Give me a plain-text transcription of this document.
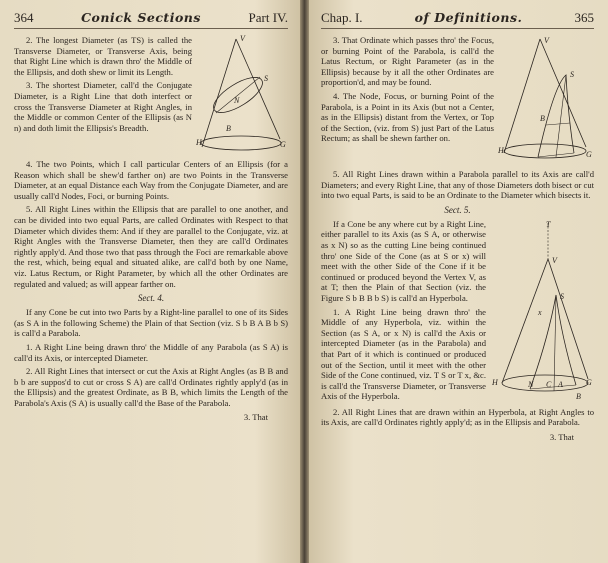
364	Conick Sections	Part IV.
V
S
N
B
H	G

2. The longest Diameter (as TS) is called the Transverse Diameter, or Transverse Axis, being that Right Line which is drawn thro' the Middle of the Ellipsis, and doth shew or limit its Length.

3. The shortest Diameter, call'd the Conjugate Diameter, is a Right Line that doth interfect or cross the Transverse Diameter at Right Angles, in the Middle or common Center of the Ellipsis (as N n) and doth limit the Ellipsis's Breadth.

4. The two Points, which I call particular Centers of an Ellipsis (for a Reason which shall be shew'd farther on) are two Points in the Transverse Diameter, at an equal Distance each Way from the Conjugate Diameter, and are usually call'd Nodes, Foci, or burning Points.

5. All Right Lines within the Ellipsis that are parallel to one another, and can be divided into two equal Parts, are called Ordinates with Respect to that Diameter which divides them: And if they are parallel to the Conjugate, viz. at Right Angles with the Transverse Diameter, then they are call'd Ordinates rightly apply'd. And those two that pass through the Foci are remarkable above the rest, which, being equal and situated alike, are call'd both by one Name, viz. Latus Rectum, or Right Parameter, by which all the other Ordinates are regulated and valued; as will appear farther on.

Sect. 4.

If any Cone be cut into two Parts by a Right-line parallel to one of its Sides (as S A in the following Scheme) the Plain of that Section (viz. S b B A B b S) is call'd a Parabola.

1. A Right Line being drawn thro' the Middle of any Parabola (as S A) is call'd its Axis, or intercepted Diameter.

2. All Right Lines that intersect or cut the Axis at Right Angles (as B B and b b are suppos'd to cut or cross S A) are call'd Ordinates rightly apply'd (as in the Ellipsis) and the greatest Ordinate, as B B, which limits the Length of the Parabola's Axis (S A) is usually call'd the Base of the Parabola.

3. That
Chap. I.	of Definitions.	365
V
S
B
H	G

3. That Ordinate which passes thro' the Focus, or burning Point of the Parabola, is call'd the Latus Rectum, or Right Parameter (as in the Ellipsis) because by it all the other Ordinates are proportion'd, and may be found.

4. The Node, Focus, or burning Point of the Parabola, is a Point in its Axis (but not a Center, as in the Ellipsis) distant from the Vertex, or Top of the Section, (viz. from S) just Part of the Latus Rectum; as shall be shewn farther on.

5. All Right Lines drawn within a Parabola parallel to its Axis are call'd Diameters; and every Right Line, that any of those Diameters doth bisect or cut into two equal Parts, is said to be an Ordinate to the Diameter which bisects it.

Sect. 5.
T
V
S
x
H	N C A
B
G

If a Cone be any where cut by a Right Line, either parallel to its Axis (as S A, or otherwise as x N) so as the cutting Line being continued thro' one Side of the Cone (as at S or x) will meet with the other Side of the Cone if it be continued or produced beyond the Vertex V, as at T; then the Plain of that Section (viz. the Figure S b B B b S) is call'd an Hyperbola.

1. A Right Line being drawn thro' the Middle of any Hyperbola, viz. within the Section (as S A, or x N) is call'd the Axis or intercepted Diameter (as in the Parabola) and that Part of it which is continued or produced out of the Section, until it meet with the other Side of the Cone continued, viz. T S or T x, &c. is call'd the Transverse Diameter, or Transverse Axis of the Hyperbola.

2. All Right Lines that are drawn within an Hyperbola, at Right Angles to its Axis, are call'd Ordinates rightly apply'd; as in the Ellipsis and Parabola.

3. That
